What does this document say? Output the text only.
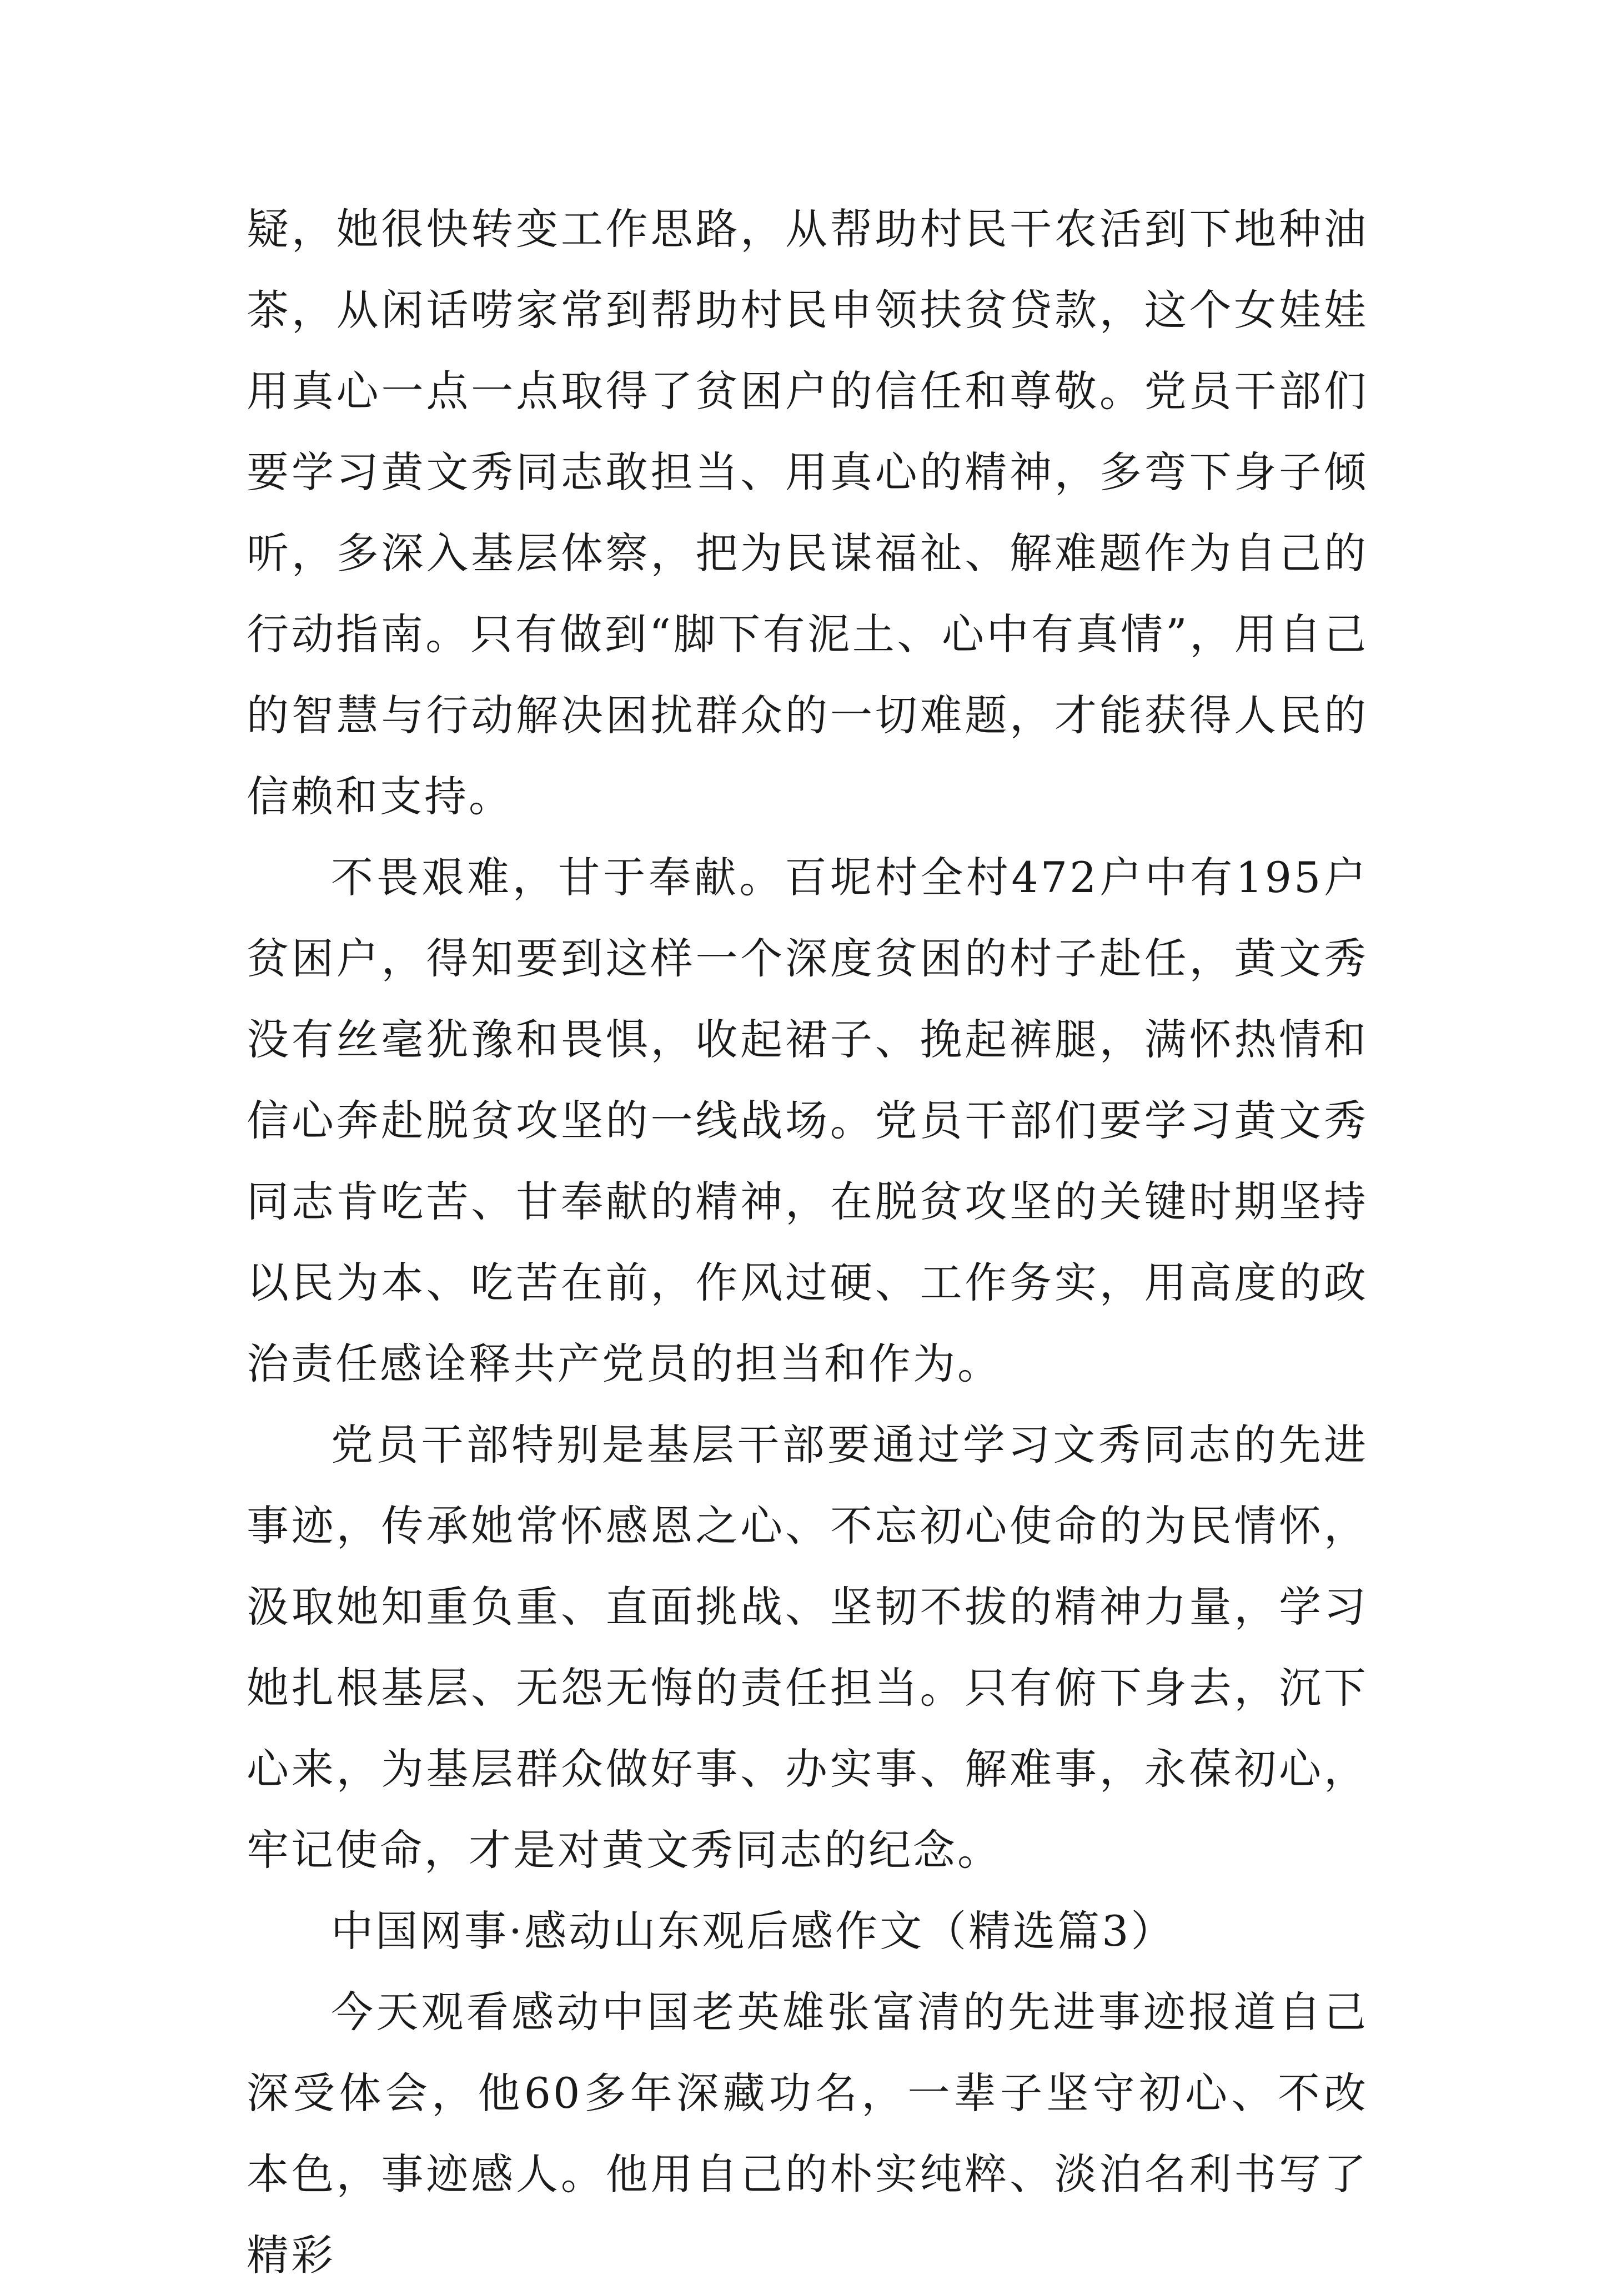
疑，她很快转变工作思路，从帮助村民干农活到下地种油茶，从闲话唠家常到帮助村民申领扶贫贷款，这个女娃娃用真心一点一点取得了贫困户的信任和尊敬。党员干部们要学习黄文秀同志敢担当、用真心的精神，多弯下身子倾听，多深入基层体察，把为民谋福祉、解难题作为自己的行动指南。只有做到“脚下有泥土、心中有真情”，用自己的智慧与行动解决困扰群众的一切难题，才能获得人民的信赖和支持。

不畏艰难，甘于奉献。百坭村全村472户中有195户贫困户，得知要到这样一个深度贫困的村子赴任，黄文秀没有丝毫犹豫和畏惧，收起裙子、挽起裤腿，满怀热情和信心奔赴脱贫攻坚的一线战场。党员干部们要学习黄文秀同志肯吃苦、甘奉献的精神，在脱贫攻坚的关键时期坚持以民为本、吃苦在前，作风过硬、工作务实，用高度的政治责任感诠释共产党员的担当和作为。

党员干部特别是基层干部要通过学习文秀同志的先进事迹，传承她常怀感恩之心、不忘初心使命的为民情怀，汲取她知重负重、直面挑战、坚韧不拔的精神力量，学习她扎根基层、无怨无悔的责任担当。只有俯下身去，沉下心来，为基层群众做好事、办实事、解难事，永葆初心，牢记使命，才是对黄文秀同志的纪念。

中国网事·感动山东观后感作文（精选篇3）

今天观看感动中国老英雄张富清的先进事迹报道自己深受体会，他60多年深藏功名，一辈子坚守初心、不改本色，事迹感人。他用自己的朴实纯粹、淡泊名利书写了精彩
